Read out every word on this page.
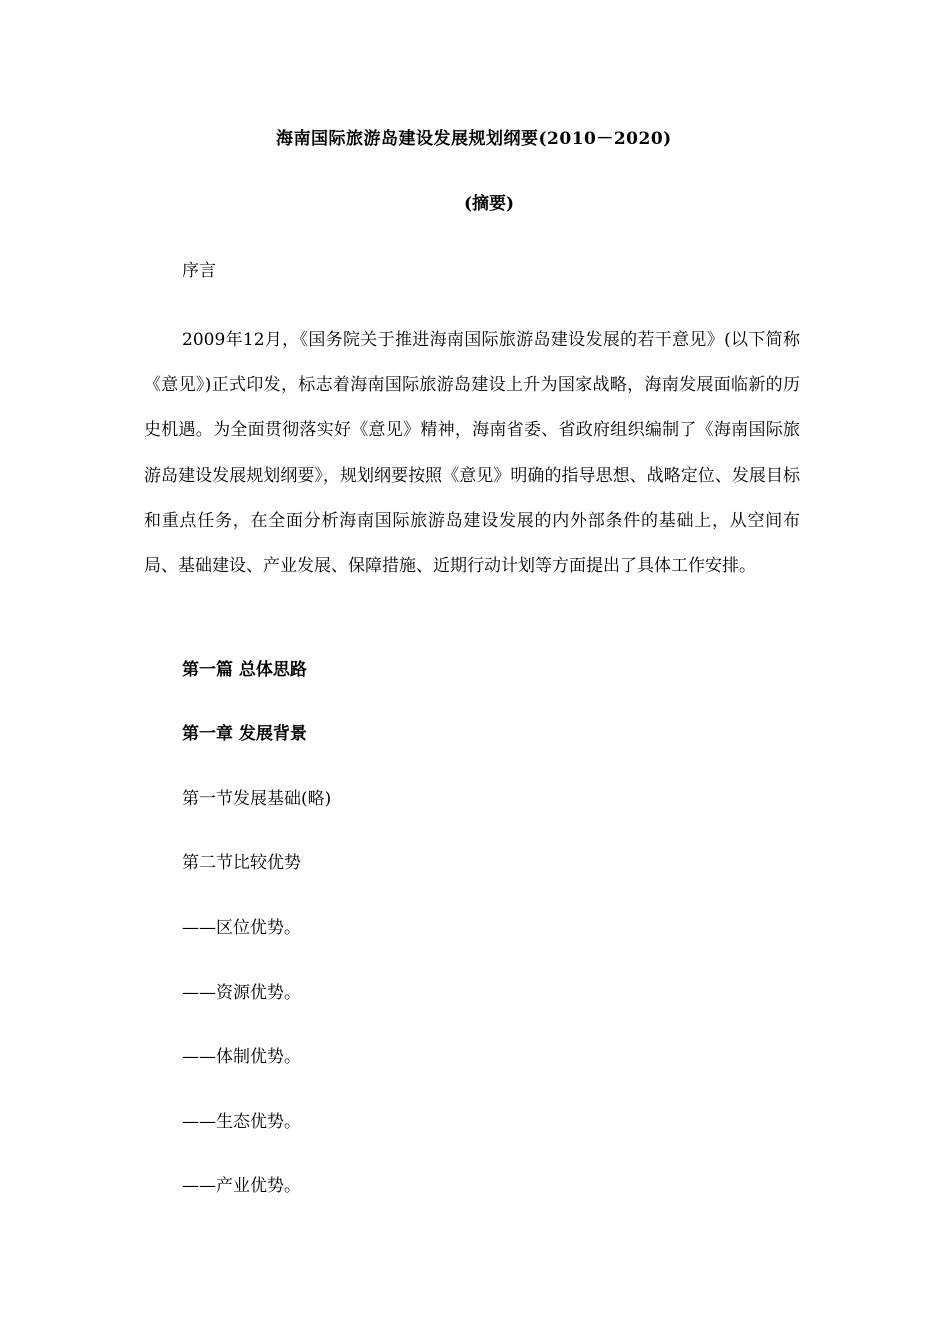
海南国际旅游岛建设发展规划纲要(2010－2020)
(摘要)
序言

2009年12月，《国务院关于推进海南国际旅游岛建设发展的若干意见》(以下简称《意见》)正式印发，标志着海南国际旅游岛建设上升为国家战略，海南发展面临新的历史机遇。为全面贯彻落实好《意见》精神，海南省委、省政府组织编制了《海南国际旅游岛建设发展规划纲要》，规划纲要按照《意见》明确的指导思想、战略定位、发展目标和重点任务，在全面分析海南国际旅游岛建设发展的内外部条件的基础上，从空间布局、基础建设、产业发展、保障措施、近期行动计划等方面提出了具体工作安排。

第一篇 总体思路
第一章 发展背景
第一节发展基础(略)
第二节比较优势
——区位优势。
——资源优势。
——体制优势。
——生态优势。
——产业优势。
